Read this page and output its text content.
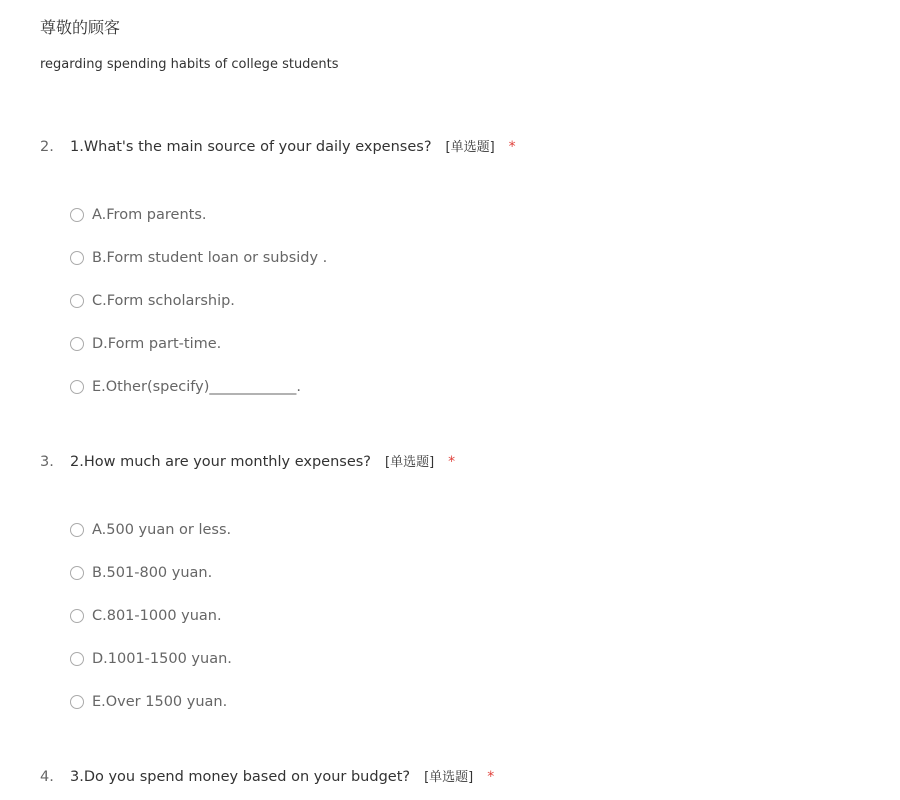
尊敬的顾客
regarding spending habits of college students
2. 1.What's the main source of your daily expenses? [单选题] *
A.From parents.
B.Form student loan or subsidy .
C.Form scholarship.
D.Form part-time.
E.Other(specify)____________.
3. 2.How much are your monthly expenses? [单选题] *
A.500 yuan or less.
B.501-800 yuan.
C.801-1000 yuan.
D.1001-1500 yuan.
E.Over 1500 yuan.
4. 3.Do you spend money based on your budget? [单选题] *
